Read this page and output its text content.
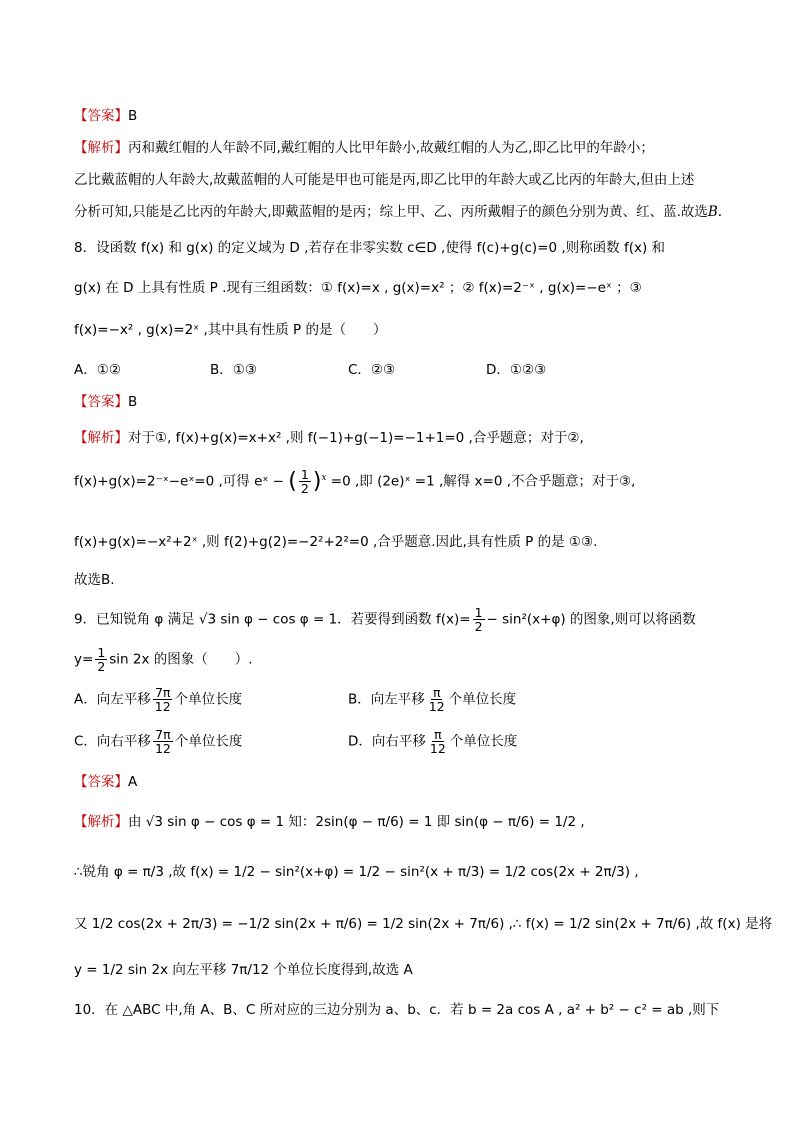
【答案】B
【解析】丙和戴红帽的人年龄不同,戴红帽的人比甲年龄小,故戴红帽的人为乙,即乙比甲的年龄小；
乙比戴蓝帽的人年龄大,故戴蓝帽的人可能是甲也可能是丙,即乙比甲的年龄大或乙比丙的年龄大,但由上述
分析可知,只能是乙比丙的年龄大,即戴蓝帽的是丙；综上甲、乙、丙所戴帽子的颜色分别为黄、红、蓝.故选B.
8．设函数 f(x) 和 g(x) 的定义域为 D ,若存在非零实数 c∈D ,使得 f(c)+g(c)=0 ,则称函数 f(x) 和
g(x) 在 D 上具有性质 P .现有三组函数：① f(x)=x , g(x)=x² ；② f(x)=2⁻ˣ , g(x)=−eˣ ；③
f(x)=−x² , g(x)=2ˣ ,其中具有性质 P 的是（　　）
A．①②	B．①③	C．②③	D．①②③
【答案】B
【解析】对于①, f(x)+g(x)=x+x² ,则 f(−1)+g(−1)=−1+1=0 ,合乎题意；对于②,
f(x)+g(x)=2⁻ˣ−eˣ=0 ,可得 eˣ − ( $\frac{1}{2} )^x =0$ ,即 (2e)ˣ =1 ,解得 x=0 ,不合乎题意；对于③,
f(x)+g(x)=−x²+2ˣ ,则 f(2)+g(2)=−2²+2²=0 ,合乎题意.因此,具有性质 P 的是 ①③.
故选B.
9．已知锐角 φ 满足 √3 sin φ − cos φ = 1．若要得到函数 $f(x)= \frac{1}{2} - \sin^2(x+\varphi)$ 的图象,则可以将函数
$y= \frac{1}{2}$ sin 2x 的图象（　　）.
A．向左平移 $\frac{7\pi}{12}$ 个单位长度	B．向左平移 $\frac{\pi}{12}$ 个单位长度
C．向右平移 $\frac{7\pi}{12}$ 个单位长度	D．向右平移 $\frac{\pi}{12}$ 个单位长度
【答案】A
【解析】由 √3 sin φ − cos φ = 1 知：2sin(φ − π/6) = 1 即 sin(φ − π/6) = 1/2 ,
∴锐角 φ = π/3 ,故 f(x) = 1/2 − sin²(x+φ) = 1/2 − sin²(x + π/3) = 1/2 cos(2x + 2π/3) ,
又 1/2 cos(2x + 2π/3) = −1/2 sin(2x + π/6) = 1/2 sin(2x + 7π/6) ,∴ f(x) = 1/2 sin(2x + 7π/6) ,故 f(x) 是将
y = 1/2 sin 2x 向左平移 7π/12 个单位长度得到,故选 A
10．在 △ABC 中,角 A、B、C 所对应的三边分别为 a、b、c．若 b = 2a cos A , a² + b² − c² = ab ,则下
